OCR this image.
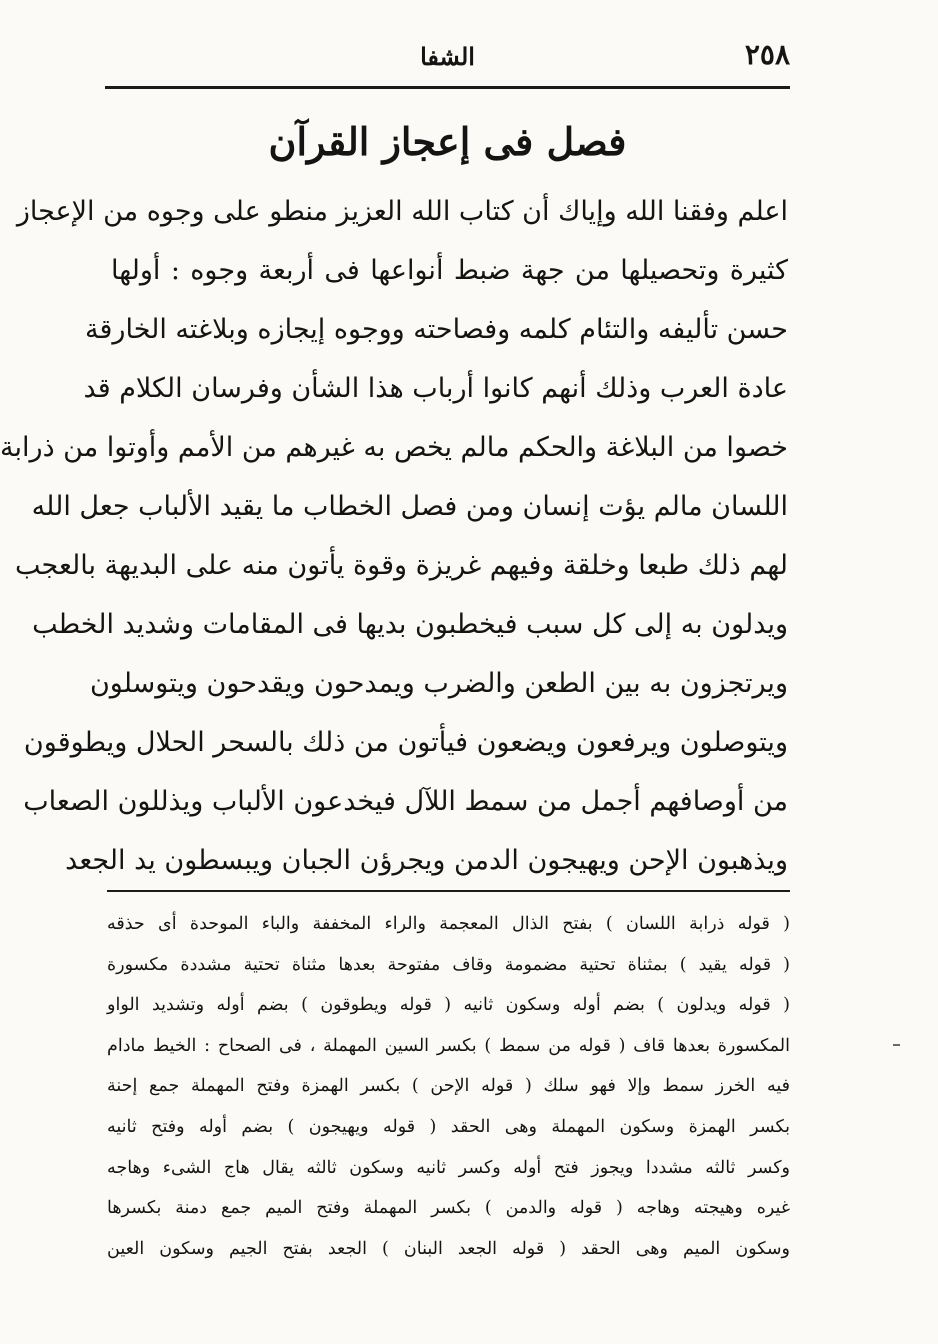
٢٥٨
الشفا
فصل فى إعجاز القرآن
اعلم وفقنا الله وإياك أن كتاب الله العزيز منطو على وجوه من الإعجاز
كثيرة وتحصيلها من جهة ضبط أنواعها فى أربعة وجوه : أولها
حسن تأليفه والتئام كلمه وفصاحته ووجوه إيجازه وبلاغته الخارقة
عادة العرب وذلك أنهم كانوا أرباب هذا الشأن وفرسان الكلام قد
خصوا من البلاغة والحكم مالم يخص به غيرهم من الأمم وأوتوا من ذرابة
اللسان مالم يؤت إنسان ومن فصل الخطاب ما يقيد الألباب جعل الله
لهم ذلك طبعا وخلقة وفيهم غريزة وقوة يأتون منه على البديهة بالعجب
ويدلون به إلى كل سبب فيخطبون بديها فى المقامات وشديد الخطب
ويرتجزون به بين الطعن والضرب ويمدحون ويقدحون ويتوسلون
ويتوصلون ويرفعون ويضعون فيأتون من ذلك بالسحر الحلال ويطوقون
من أوصافهم أجمل من سمط اللآل فيخدعون الألباب ويذللون الصعاب
ويذهبون الإحن ويهيجون الدمن ويجرؤن الجبان ويبسطون يد الجعد
( قوله ذرابة اللسان ) بفتح الذال المعجمة والراء المخففة والباء الموحدة أى حذقه
( قوله يقيد ) بمثناة تحتية مضمومة وقاف مفتوحة بعدها مثناة تحتية مشددة مكسورة
( قوله ويدلون ) بضم أوله وسكون ثانيه ( قوله ويطوقون ) بضم أوله وتشديد الواو
المكسورة بعدها قاف ( قوله من سمط ) بكسر السين المهملة ، فى الصحاح : الخيط مادام
فيه الخرز سمط وإلا فهو سلك ( قوله الإحن ) بكسر الهمزة وفتح المهملة جمع إحنة
بكسر الهمزة وسكون المهملة وهى الحقد ( قوله ويهيجون ) بضم أوله وفتح ثانيه
وكسر ثالثه مشددا ويجوز فتح أوله وكسر ثانيه وسكون ثالثه يقال هاج الشىء وهاجه
غيره وهيجته وهاجه ( قوله والدمن ) بكسر المهملة وفتح الميم جمع دمنة بكسرها
وسكون الميم وهى الحقد ( قوله الجعد البنان ) الجعد بفتح الجيم وسكون العين
